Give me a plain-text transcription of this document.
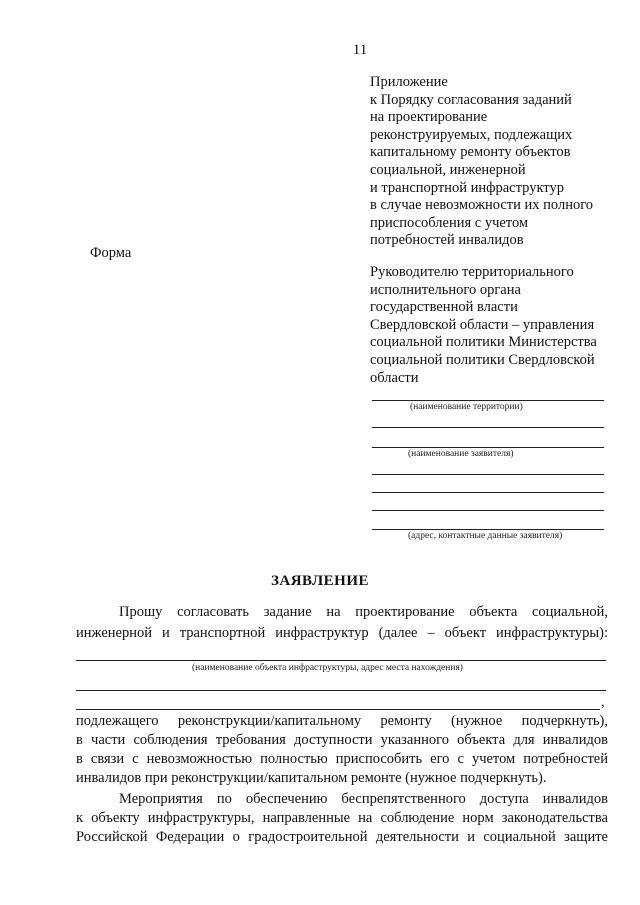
11
Приложение
к Порядку согласования заданий
на проектирование
реконструируемых, подлежащих
капитальному ремонту объектов
социальной, инженерной
и транспортной инфраструктур
в случае невозможности их полного
приспособления с учетом
потребностей инвалидов
Форма
Руководителю территориального
исполнительного органа
государственной власти
Свердловской области – управления
социальной политики Министерства
социальной политики Свердловской
области
(наименование территории)
(наименование заявителя)
(адрес, контактные данные заявителя)
ЗАЯВЛЕНИЕ
Прошу согласовать задание на проектирование объекта социальной,
инженерной и транспортной инфраструктур (далее – объект инфраструктуры):
(наименование объекта инфраструктуры, адрес места нахождения)
,
подлежащего реконструкции/капитальному ремонту (нужное подчеркнуть),
в части соблюдения требования доступности указанного объекта для инвалидов
в связи с невозможностью полностью приспособить его с учетом потребностей
инвалидов при реконструкции/капитальном ремонте (нужное подчеркнуть).
Мероприятия по обеспечению беспрепятственного доступа инвалидов
к объекту инфраструктуры, направленные на соблюдение норм законодательства
Российской Федерации о градостроительной деятельности и социальной защите
